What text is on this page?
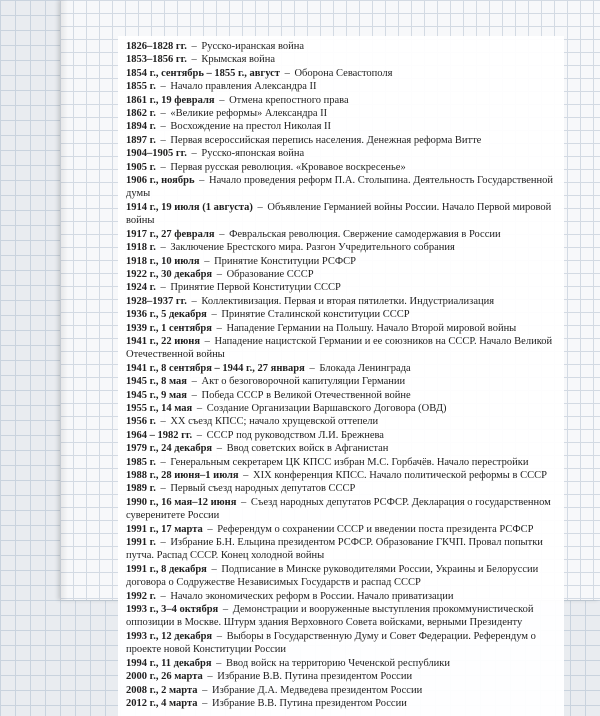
1826–1828 гг. – Русско-иранская война

1853–1856 гг. – Крымская война

1854 г., сентябрь – 1855 г., август – Оборона Севастополя

1855 г. – Начало правления Александра II

1861 г., 19 февраля – Отмена крепостного права

1862 г. – «Великие реформы» Александра II

1894 г. – Восхождение на престол Николая II

1897 г. – Первая всероссийская перепись населения. Денежная реформа Витте

1904–1905 гг. – Русско-японская война

1905 г. – Первая русская революция. «Кровавое воскресенье»

1906 г., ноябрь – Начало проведения реформ П.А. Столыпина. Деятельность Государственной думы

1914 г., 19 июля (1 августа) – Объявление Германией войны России. Начало Первой мировой войны

1917 г., 27 февраля – Февральская революция. Свержение самодержавия в России

1918 г. – Заключение Брестского мира. Разгон Учредительного собрания

1918 г., 10 июля – Принятие Конституции РСФСР

1922 г., 30 декабря – Образование СССР

1924 г. – Принятие Первой Конституции СССР

1928–1937 гг. – Коллективизация. Первая и вторая пятилетки. Индустриализация

1936 г., 5 декабря – Принятие Сталинской конституции СССР

1939 г., 1 сентября – Нападение Германии на Польшу. Начало Второй мировой войны

1941 г., 22 июня – Нападение нацистской Германии и ее союзников на СССР. Начало Великой Отечественной войны

1941 г., 8 сентября – 1944 г., 27 января – Блокада Ленинграда

1945 г., 8 мая – Акт о безоговорочной капитуляции Германии

1945 г., 9 мая – Победа СССР в Великой Отечественной войне

1955 г., 14 мая – Создание Организации Варшавского Договора (ОВД)

1956 г. – XX съезд КПСС; начало хрущевской оттепели

1964 – 1982 гг. – СССР под руководством Л.И. Брежнева

1979 г., 24 декабря – Ввод советских войск в Афганистан

1985 г. – Генеральным секретарем ЦК КПСС избран М.С. Горбачёв. Начало перестройки

1988 г., 28 июня–1 июля – XIX конференция КПСС. Начало политической реформы в СССР

1989 г. – Первый съезд народных депутатов СССР

1990 г., 16 мая–12 июня – Съезд народных депутатов РСФСР. Декларация о государственном суверенитете России

1991 г., 17 марта – Референдум о сохранении СССР и введении поста президента РСФСР

1991 г. – Избрание Б.Н. Ельцина президентом РСФСР. Образование ГКЧП. Провал попытки путча. Распад СССР. Конец холодной войны

1991 г., 8 декабря – Подписание в Минске руководителями России, Украины и Белоруссии договора о Содружестве Независимых Государств и распад СССР

1992 г. – Начало экономических реформ в России. Начало приватизации

1993 г., 3–4 октября – Демонстрации и вооруженные выступления прокоммунистической оппозиции в Москве. Штурм здания Верховного Совета войсками, верными Президенту

1993 г., 12 декабря – Выборы в Государственную Думу и Совет Федерации. Референдум о проекте новой Конституции России

1994 г., 11 декабря – Ввод войск на территорию Чеченской республики

2000 г., 26 марта – Избрание В.В. Путина президентом России

2008 г., 2 марта – Избрание Д.А. Медведева президентом России

2012 г., 4 марта – Избрание В.В. Путина президентом России
